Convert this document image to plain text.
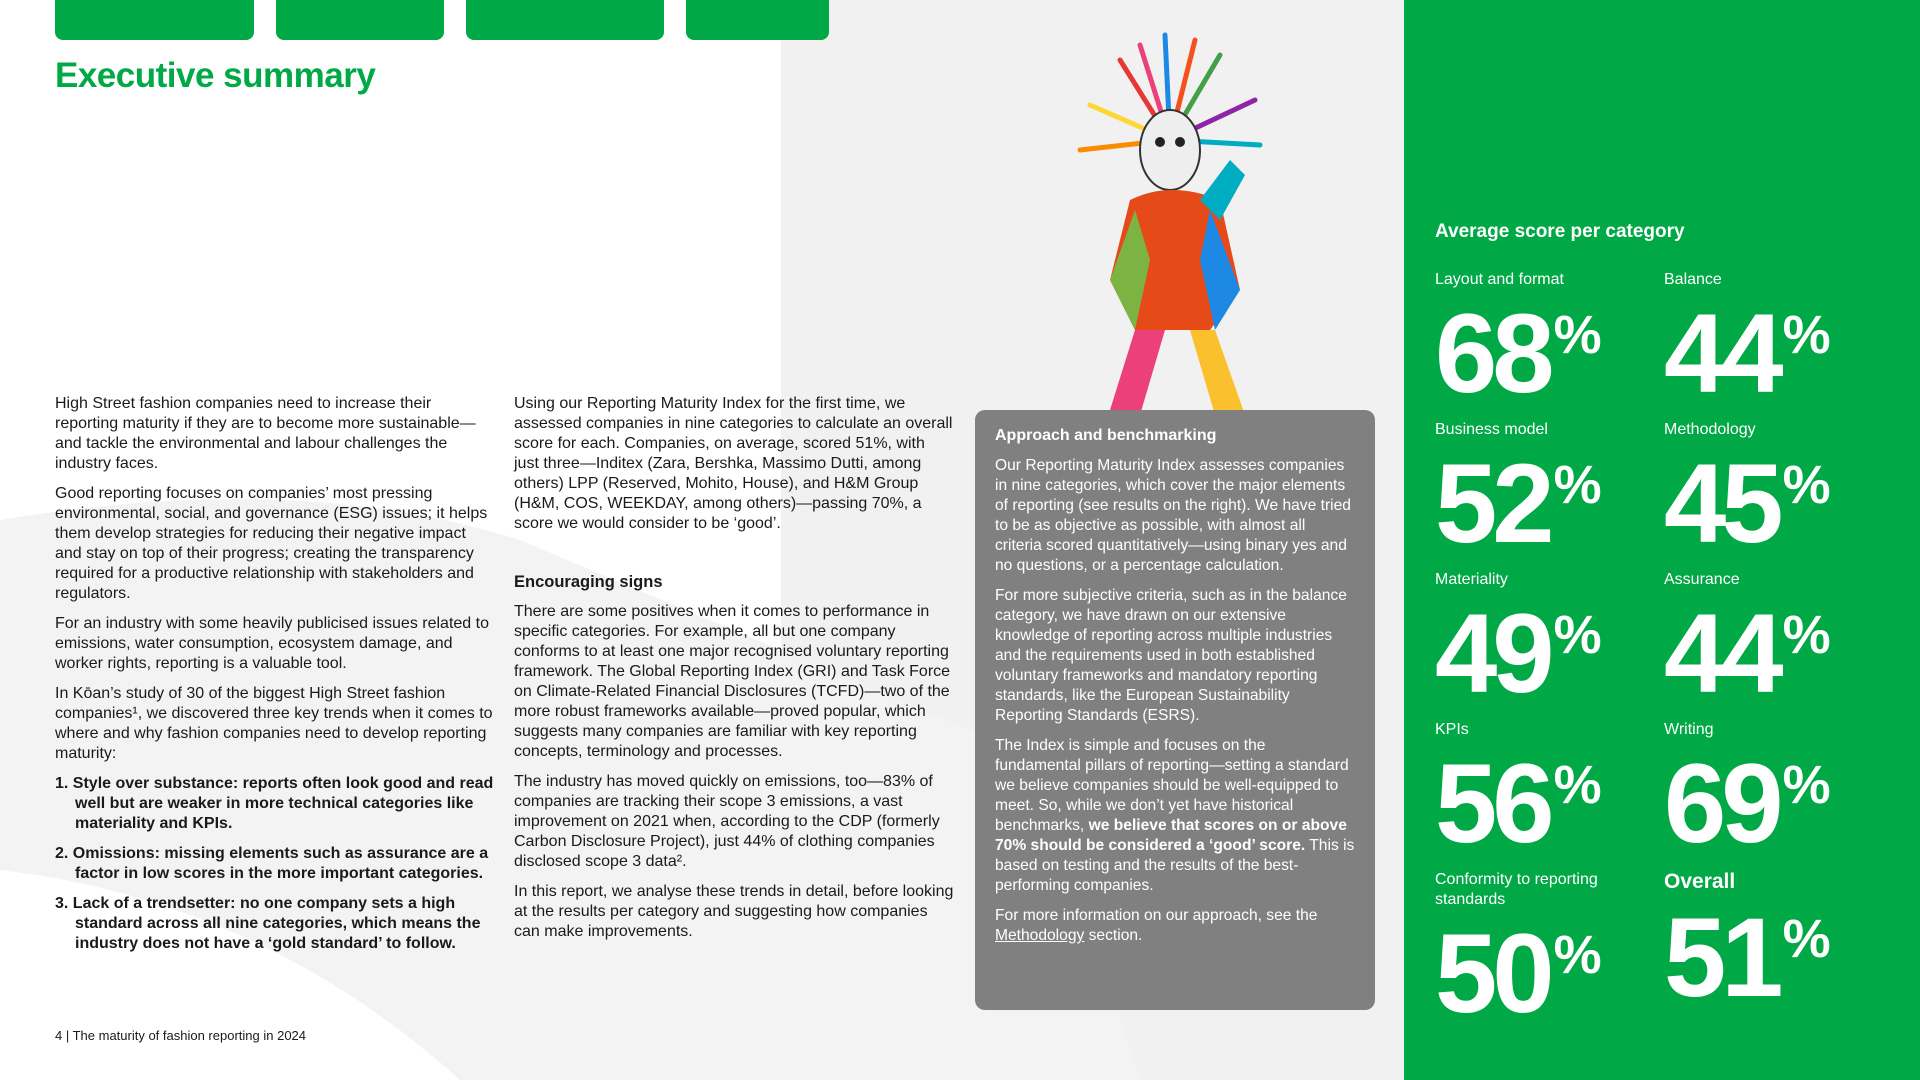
Executive summary

High Street fashion companies need to increase their reporting maturity if they are to become more sustainable—and tackle the environmental and labour challenges the industry faces.

Good reporting focuses on companies’ most pressing environmental, social, and governance (ESG) issues; it helps them develop strategies for reducing their negative impact and stay on top of their progress; creating the transparency required for a productive relationship with stakeholders and regulators.

For an industry with some heavily publicised issues related to emissions, water consumption, ecosystem damage, and worker rights, reporting is a valuable tool.

In Kōan’s study of 30 of the biggest High Street fashion companies¹, we discovered three key trends when it comes to where and why fashion companies need to develop reporting maturity:

1. Style over substance: reports often look good and read well but are weaker in more technical categories like materiality and KPIs.
2. Omissions: missing elements such as assurance are a factor in low scores in the more important categories.
3. Lack of a trendsetter: no one company sets a high standard across all nine categories, which means the industry does not have a ‘gold standard’ to follow.

Using our Reporting Maturity Index for the first time, we assessed companies in nine categories to calculate an overall score for each. Companies, on average, scored 51%, with just three—Inditex (Zara, Bershka, Massimo Dutti, among others) LPP (Reserved, Mohito, House), and H&M Group (H&M, COS, WEEKDAY, among others)—passing 70%, a score we would consider to be ‘good’.

Encouraging signs

There are some positives when it comes to performance in specific categories. For example, all but one company conforms to at least one major recognised voluntary reporting framework. The Global Reporting Index (GRI) and Task Force on Climate-Related Financial Disclosures (TCFD)—two of the more robust frameworks available—proved popular, which suggests many companies are familiar with key reporting concepts, terminology and processes.

The industry has moved quickly on emissions, too—83% of companies are tracking their scope 3 emissions, a vast improvement on 2021 when, according to the CDP (formerly Carbon Disclosure Project), just 44% of clothing companies disclosed scope 3 data².

In this report, we analyse these trends in detail, before looking at the results per category and suggesting how companies can make improvements.

Approach and benchmarking

Our Reporting Maturity Index assesses companies in nine categories, which cover the major elements of reporting (see results on the right). We have tried to be as objective as possible, with almost all criteria scored quantitatively—using binary yes and no questions, or a percentage calculation.

For more subjective criteria, such as in the balance category, we have drawn on our extensive knowledge of reporting across multiple industries and the requirements used in both established voluntary frameworks and mandatory reporting standards, like the European Sustainability Reporting Standards (ESRS).

The Index is simple and focuses on the fundamental pillars of reporting—setting a standard we believe companies should be well-equipped to meet. So, while we don’t yet have historical benchmarks, we believe that scores on or above 70% should be considered a ‘good’ score. This is based on testing and the results of the best-performing companies.

For more information on our approach, see the Methodology section.

Average score per category
Layout and format
68%
Balance
44%
Business model
52%
Methodology
45%
Materiality
49%
Assurance
44%
KPIs
56%
Writing
69%
Conformity to reporting standards
50%
Overall
51%
4 | The maturity of fashion reporting in 2024
